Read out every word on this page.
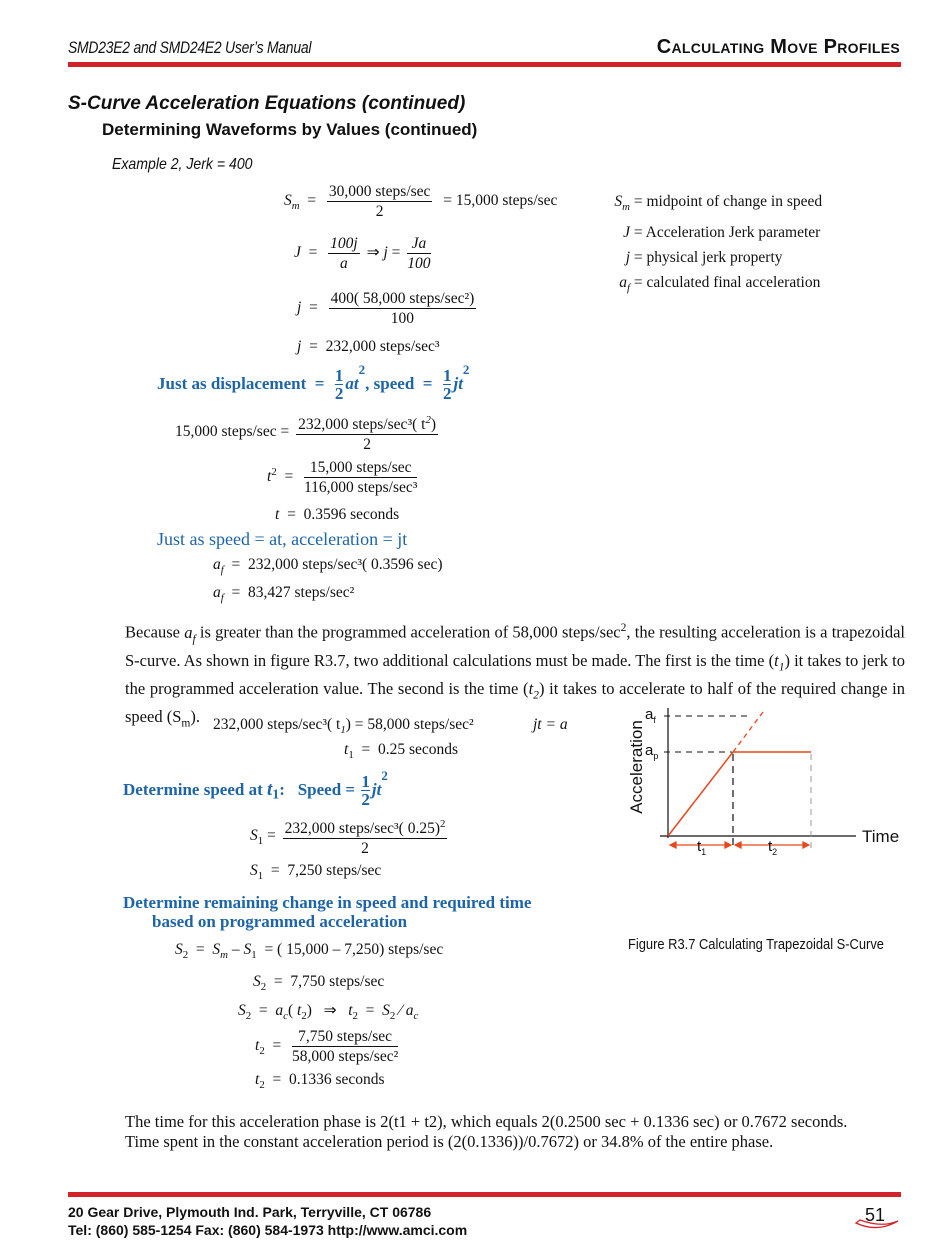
SMD23E2 and SMD24E2 User’s Manual	Calculating Move Profiles
S-Curve Acceleration Equations (continued)
Determining Waveforms by Values (continued)
Example 2, Jerk = 400
$S_m = \frac{\text{30,000 steps/sec}}{2} = 15,000$ steps/sec	$S_m$ = midpoint of change in speed
J = Acceleration Jerk parameter
j = physical jerk property
$a_f$ = calculated final acceleration
$J = \frac{100j}{a}$ ⇒ $j = \frac{Ja}{100}$
$j = \frac{\text{400( 58,000 steps/sec²)}}{100}$
j  =  232,000 steps/sec³
Just as displacement  = $\frac{1}{2} at^2$, speed  = $\frac{1}{2} jt^2$
15,000 steps/sec = $\frac{232,000 steps/\sec^3( t^2)}{2}$
$t^2 = \frac{\text{15,000 steps/sec}}{\text{116,000 steps/sec³}}$
t  =  0.3596 seconds
Just as speed = at, acceleration = jt
$a_f = 232,000$ steps/sec³( 0.3596 sec)
$a_f = 83,427$ steps/sec²
Because $a_f$ is greater than the programmed acceleration of 58,000 steps/$\sec^2$, the resulting acceleration is a trapezoidal S-curve. As shown in figure R3.7, two additional calculations must be made. The first is the time $(t_1)$ it takes to jerk to the programmed acceleration value. The second is the time $(t_2)$ it takes to accelerate to half of the required change in speed $(S_m)$. 232,000 steps/sec³( $t_1) = 58,000$ steps/sec²	jt = a
$t_1 = 0.25$ seconds
Determine speed at $t_1$:   Speed = $\frac{1}{2} jt^2$
$S_1 = \frac{232,000 steps/\sec^3( 0.25)^2}{2}$
$S_1 = 7,250$ steps/sec
Determine remaining change in speed and required time
based on programmed acceleration
$S_2 = S_m - S_1$ = ( 15,000 – 7,250) steps/sec
$S_2 = 7,750$ steps/sec
$S_2 = a_c$( $t_2$)   ⇒   $t_2 = S_2$ ⁄ $a_c$
$t_2 = \frac{\text{7,750 steps/sec}}{\text{58,000 steps/sec²}}$
$t_2 = 0.1336$ seconds
The time for this acceleration phase is 2(t1 + t2), which equals 2(0.2500 sec + 0.1336 sec) or 0.7672 seconds.
Time spent in the constant acceleration period is (2(0.1336))/0.7672) or 34.8% of the entire phase.
Acceleration
Time
$a_f$
$a_p$
$t_1$	$t_2$
Figure R3.7 Calculating Trapezoidal S-Curve
20 Gear Drive, Plymouth Ind. Park, Terryville, CT 06786
Tel: (860) 585-1254 Fax: (860) 584-1973 http://www.amci.com
51
